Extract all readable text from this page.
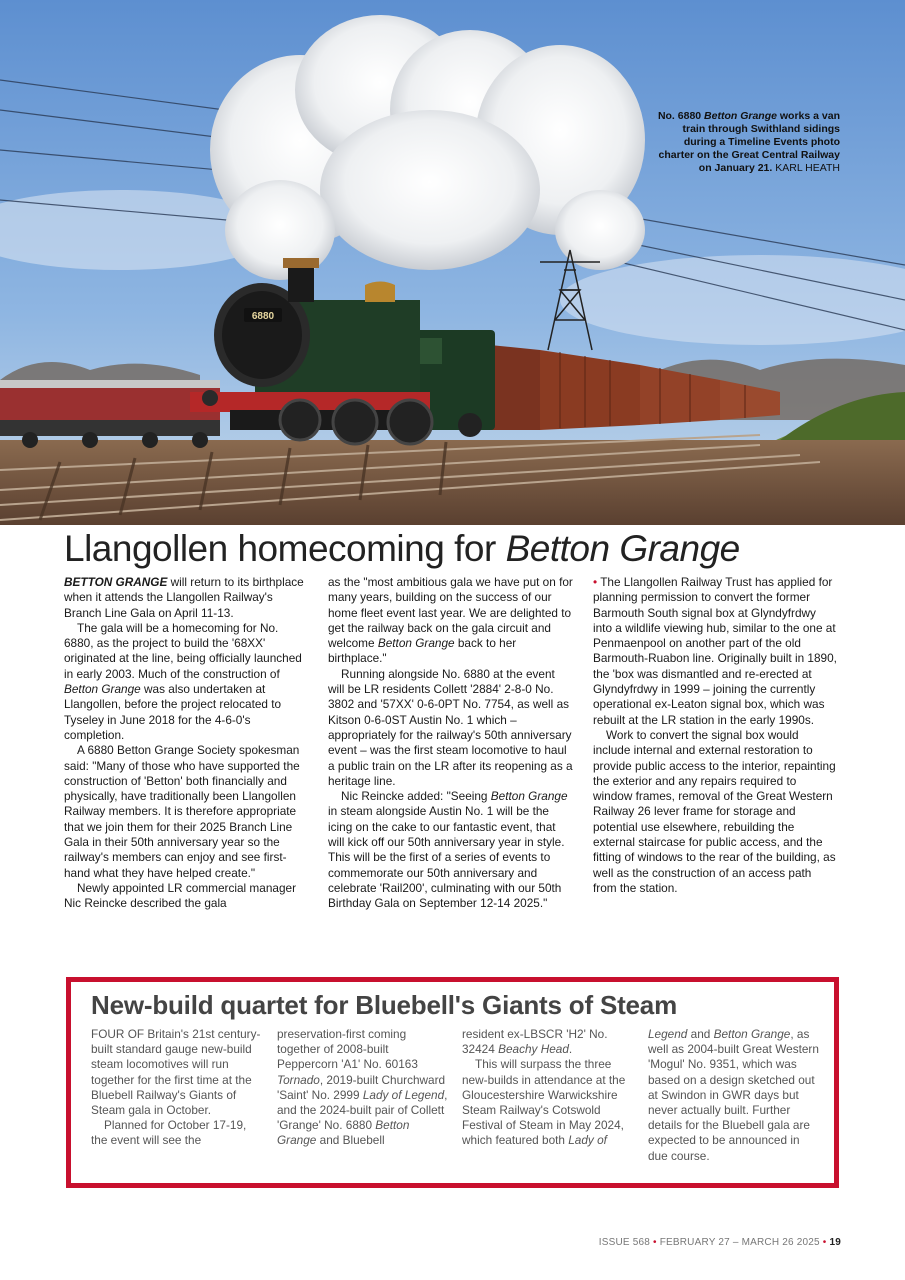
6880
No. 6880 Betton Grange works a van train through Swithland sidings during a Timeline Events photo charter on the Great Central Railway on January 21. KARL HEATH
Llangollen homecoming for Betton Grange

BETTON GRANGE will return to its birthplace when it attends the Llangollen Railway's Branch Line Gala on April 11-13.

The gala will be a homecoming for No. 6880, as the project to build the '68XX' originated at the line, being officially launched in early 2003. Much of the construction of Betton Grange was also undertaken at Llangollen, before the project relocated to Tyseley in June 2018 for the 4-6-0's completion.

A 6880 Betton Grange Society spokesman said: "Many of those who have supported the construction of 'Betton' both financially and physically, have traditionally been Llangollen Railway members. It is therefore appropriate that we join them for their 2025 Branch Line Gala in their 50th anniversary year so the railway's members can enjoy and see first-hand what they have helped create."

Newly appointed LR commercial manager Nic Reincke described the gala

as the "most ambitious gala we have put on for many years, building on the success of our home fleet event last year. We are delighted to get the railway back on the gala circuit and welcome Betton Grange back to her birthplace."

Running alongside No. 6880 at the event will be LR residents Collett '2884' 2-8-0 No. 3802 and '57XX' 0-6-0PT No. 7754, as well as Kitson 0-6-0ST Austin No. 1 which – appropriately for the railway's 50th anniversary event – was the first steam locomotive to haul a public train on the LR after its reopening as a heritage line.

Nic Reincke added: "Seeing Betton Grange in steam alongside Austin No. 1 will be the icing on the cake to our fantastic event, that will kick off our 50th anniversary year in style. This will be the first of a series of events to commemorate our 50th anniversary and celebrate 'Rail200', culminating with our 50th Birthday Gala on September 12-14 2025."

• The Llangollen Railway Trust has applied for planning permission to convert the former Barmouth South signal box at Glyndyfrdwy into a wildlife viewing hub, similar to the one at Penmaenpool on another part of the old Barmouth-Ruabon line. Originally built in 1890, the 'box was dismantled and re-erected at Glyndyfrdwy in 1999 – joining the currently operational ex-Leaton signal box, which was rebuilt at the LR station in the early 1990s.

Work to convert the signal box would include internal and external restoration to provide public access to the interior, repainting the exterior and any repairs required to window frames, removal of the Great Western Railway 26 lever frame for storage and potential use elsewhere, rebuilding the external staircase for public access, and the fitting of windows to the rear of the building, as well as the construction of an access path from the station.

New-build quartet for Bluebell's Giants of Steam

FOUR OF Britain's 21st century-built standard gauge new-build steam locomotives will run together for the first time at the Bluebell Railway's Giants of Steam gala in October.

Planned for October 17-19, the event will see the

preservation-first coming together of 2008-built Peppercorn 'A1' No. 60163 Tornado, 2019-built Churchward 'Saint' No. 2999 Lady of Legend, and the 2024-built pair of Collett 'Grange' No. 6880 Betton Grange and Bluebell

resident ex-LBSCR 'H2' No. 32424 Beachy Head.

This will surpass the three new-builds in attendance at the Gloucestershire Warwickshire Steam Railway's Cotswold Festival of Steam in May 2024, which featured both Lady of

Legend and Betton Grange, as well as 2004-built Great Western 'Mogul' No. 9351, which was based on a design sketched out at Swindon in GWR days but never actually built. Further details for the Bluebell gala are expected to be announced in due course.

ISSUE 568 • FEBRUARY 27 – MARCH 26 2025 • 19
